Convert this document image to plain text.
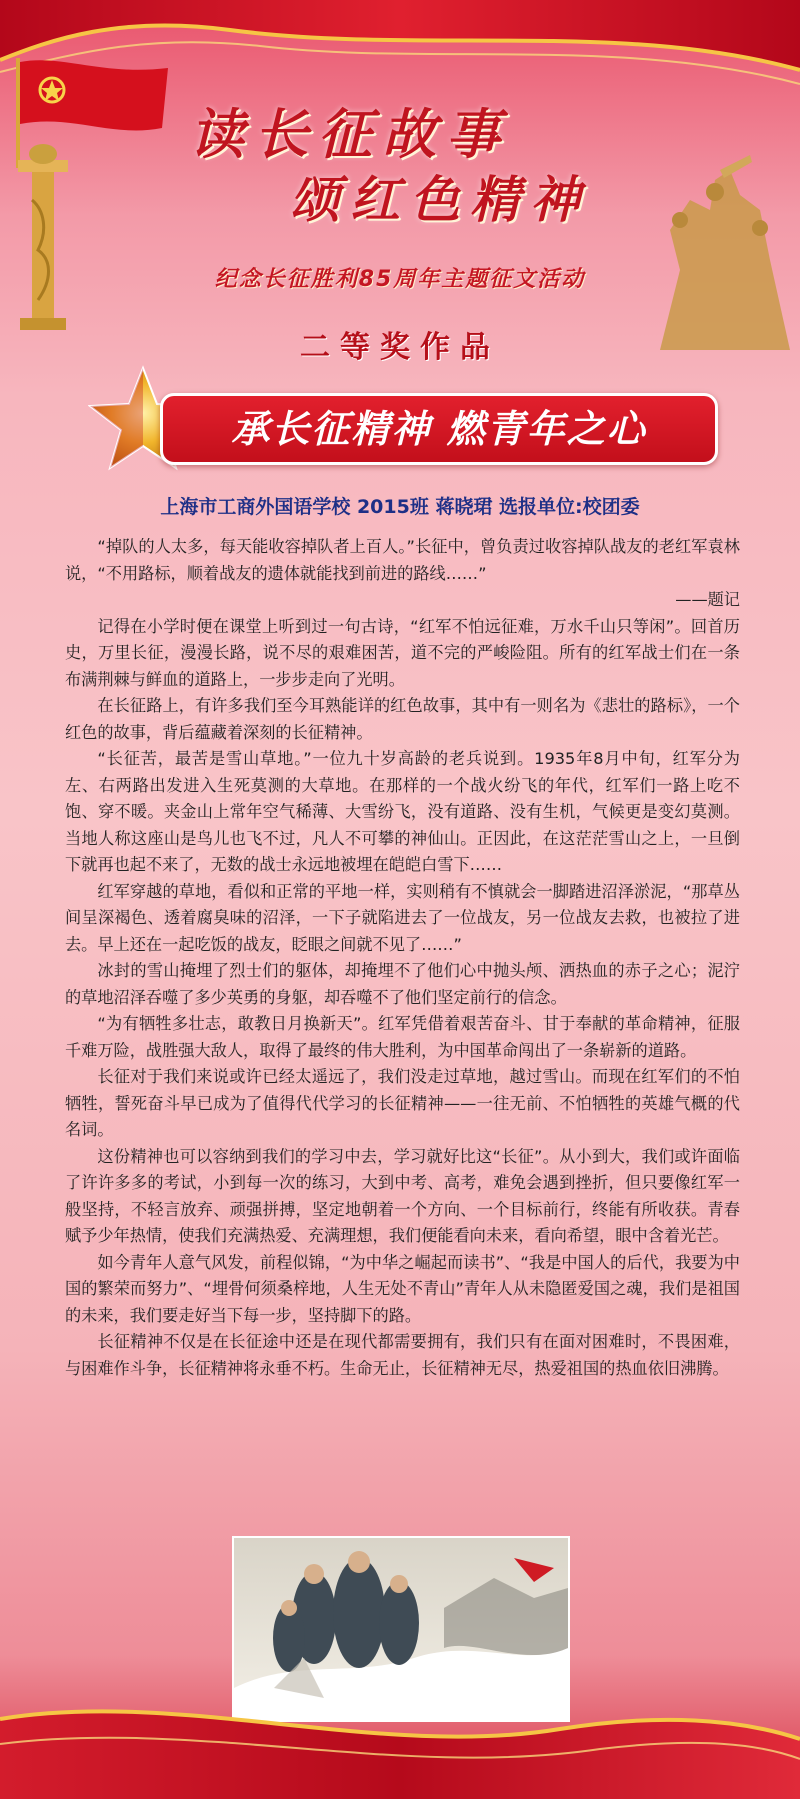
读长征故事
颂红色精神
纪念长征胜利85周年主题征文活动
二等奖作品
承长征精神 燃青年之心
上海市工商外国语学校 2015班 蒋晓珺 选报单位:校团委

“掉队的人太多，每天能收容掉队者上百人。”长征中，曾负责过收容掉队战友的老红军袁林说，“不用路标，顺着战友的遗体就能找到前进的路线……”

——题记

记得在小学时便在课堂上听到过一句古诗，“红军不怕远征难，万水千山只等闲”。回首历史，万里长征，漫漫长路，说不尽的艰难困苦，道不完的严峻险阻。所有的红军战士们在一条布满荆棘与鲜血的道路上，一步步走向了光明。

在长征路上，有许多我们至今耳熟能详的红色故事，其中有一则名为《悲壮的路标》，一个红色的故事，背后蕴藏着深刻的长征精神。

“长征苦，最苦是雪山草地。”一位九十岁高龄的老兵说到。1935年8月中旬，红军分为左、右两路出发进入生死莫测的大草地。在那样的一个战火纷飞的年代，红军们一路上吃不饱、穿不暖。夹金山上常年空气稀薄、大雪纷飞，没有道路、没有生机，气候更是变幻莫测。当地人称这座山是鸟儿也飞不过，凡人不可攀的神仙山。正因此，在这茫茫雪山之上，一旦倒下就再也起不来了，无数的战士永远地被埋在皑皑白雪下……

红军穿越的草地，看似和正常的平地一样，实则稍有不慎就会一脚踏进沼泽淤泥，“那草丛间呈深褐色、透着腐臭味的沼泽，一下子就陷进去了一位战友，另一位战友去救，也被拉了进去。早上还在一起吃饭的战友，眨眼之间就不见了……”

冰封的雪山掩埋了烈士们的躯体，却掩埋不了他们心中抛头颅、洒热血的赤子之心；泥泞的草地沼泽吞噬了多少英勇的身躯，却吞噬不了他们坚定前行的信念。

“为有牺牲多壮志，敢教日月换新天”。红军凭借着艰苦奋斗、甘于奉献的革命精神，征服千难万险，战胜强大敌人，取得了最终的伟大胜利，为中国革命闯出了一条崭新的道路。

长征对于我们来说或许已经太遥远了，我们没走过草地，越过雪山。而现在红军们的不怕牺牲，誓死奋斗早已成为了值得代代学习的长征精神——一往无前、不怕牺牲的英雄气概的代名词。

这份精神也可以容纳到我们的学习中去，学习就好比这“长征”。从小到大，我们或许面临了许许多多的考试，小到每一次的练习，大到中考、高考，难免会遇到挫折，但只要像红军一般坚持，不轻言放弃、顽强拼搏，坚定地朝着一个方向、一个目标前行，终能有所收获。青春赋予少年热情，使我们充满热爱、充满理想，我们便能看向未来，看向希望，眼中含着光芒。

如今青年人意气风发，前程似锦，“为中华之崛起而读书”、“我是中国人的后代，我要为中国的繁荣而努力”、“埋骨何须桑梓地，人生无处不青山”青年人从未隐匿爱国之魂，我们是祖国的未来，我们要走好当下每一步，坚持脚下的路。

长征精神不仅是在长征途中还是在现代都需要拥有，我们只有在面对困难时，不畏困难，与困难作斗争，长征精神将永垂不朽。生命无止，长征精神无尽，热爱祖国的热血依旧沸腾。
